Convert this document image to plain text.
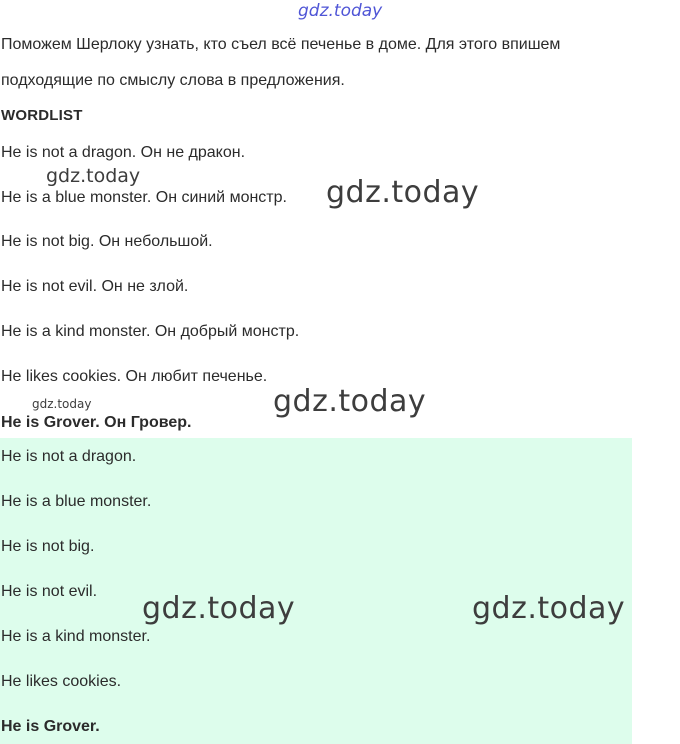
gdz.today
Поможем Шерлоку узнать, кто съел всё печенье в доме. Для этого впишем
подходящие по смыслу слова в предложения.
WORDLIST
He is not a dragon. Он не дракон.
He is a blue monster. Он синий монстр.
He is not big. Он небольшой.
He is not evil. Он не злой.
He is a kind monster. Он добрый монстр.
He likes cookies. Он любит печенье.
He is Grover. Он Гровер.
He is not a dragon.
He is a blue monster.
He is not big.
He is not evil.
He is a kind monster.
He likes cookies.
He is Grover.
gdz.today	gdz.today
gdz.today	gdz.today
gdz.today	gdz.today
